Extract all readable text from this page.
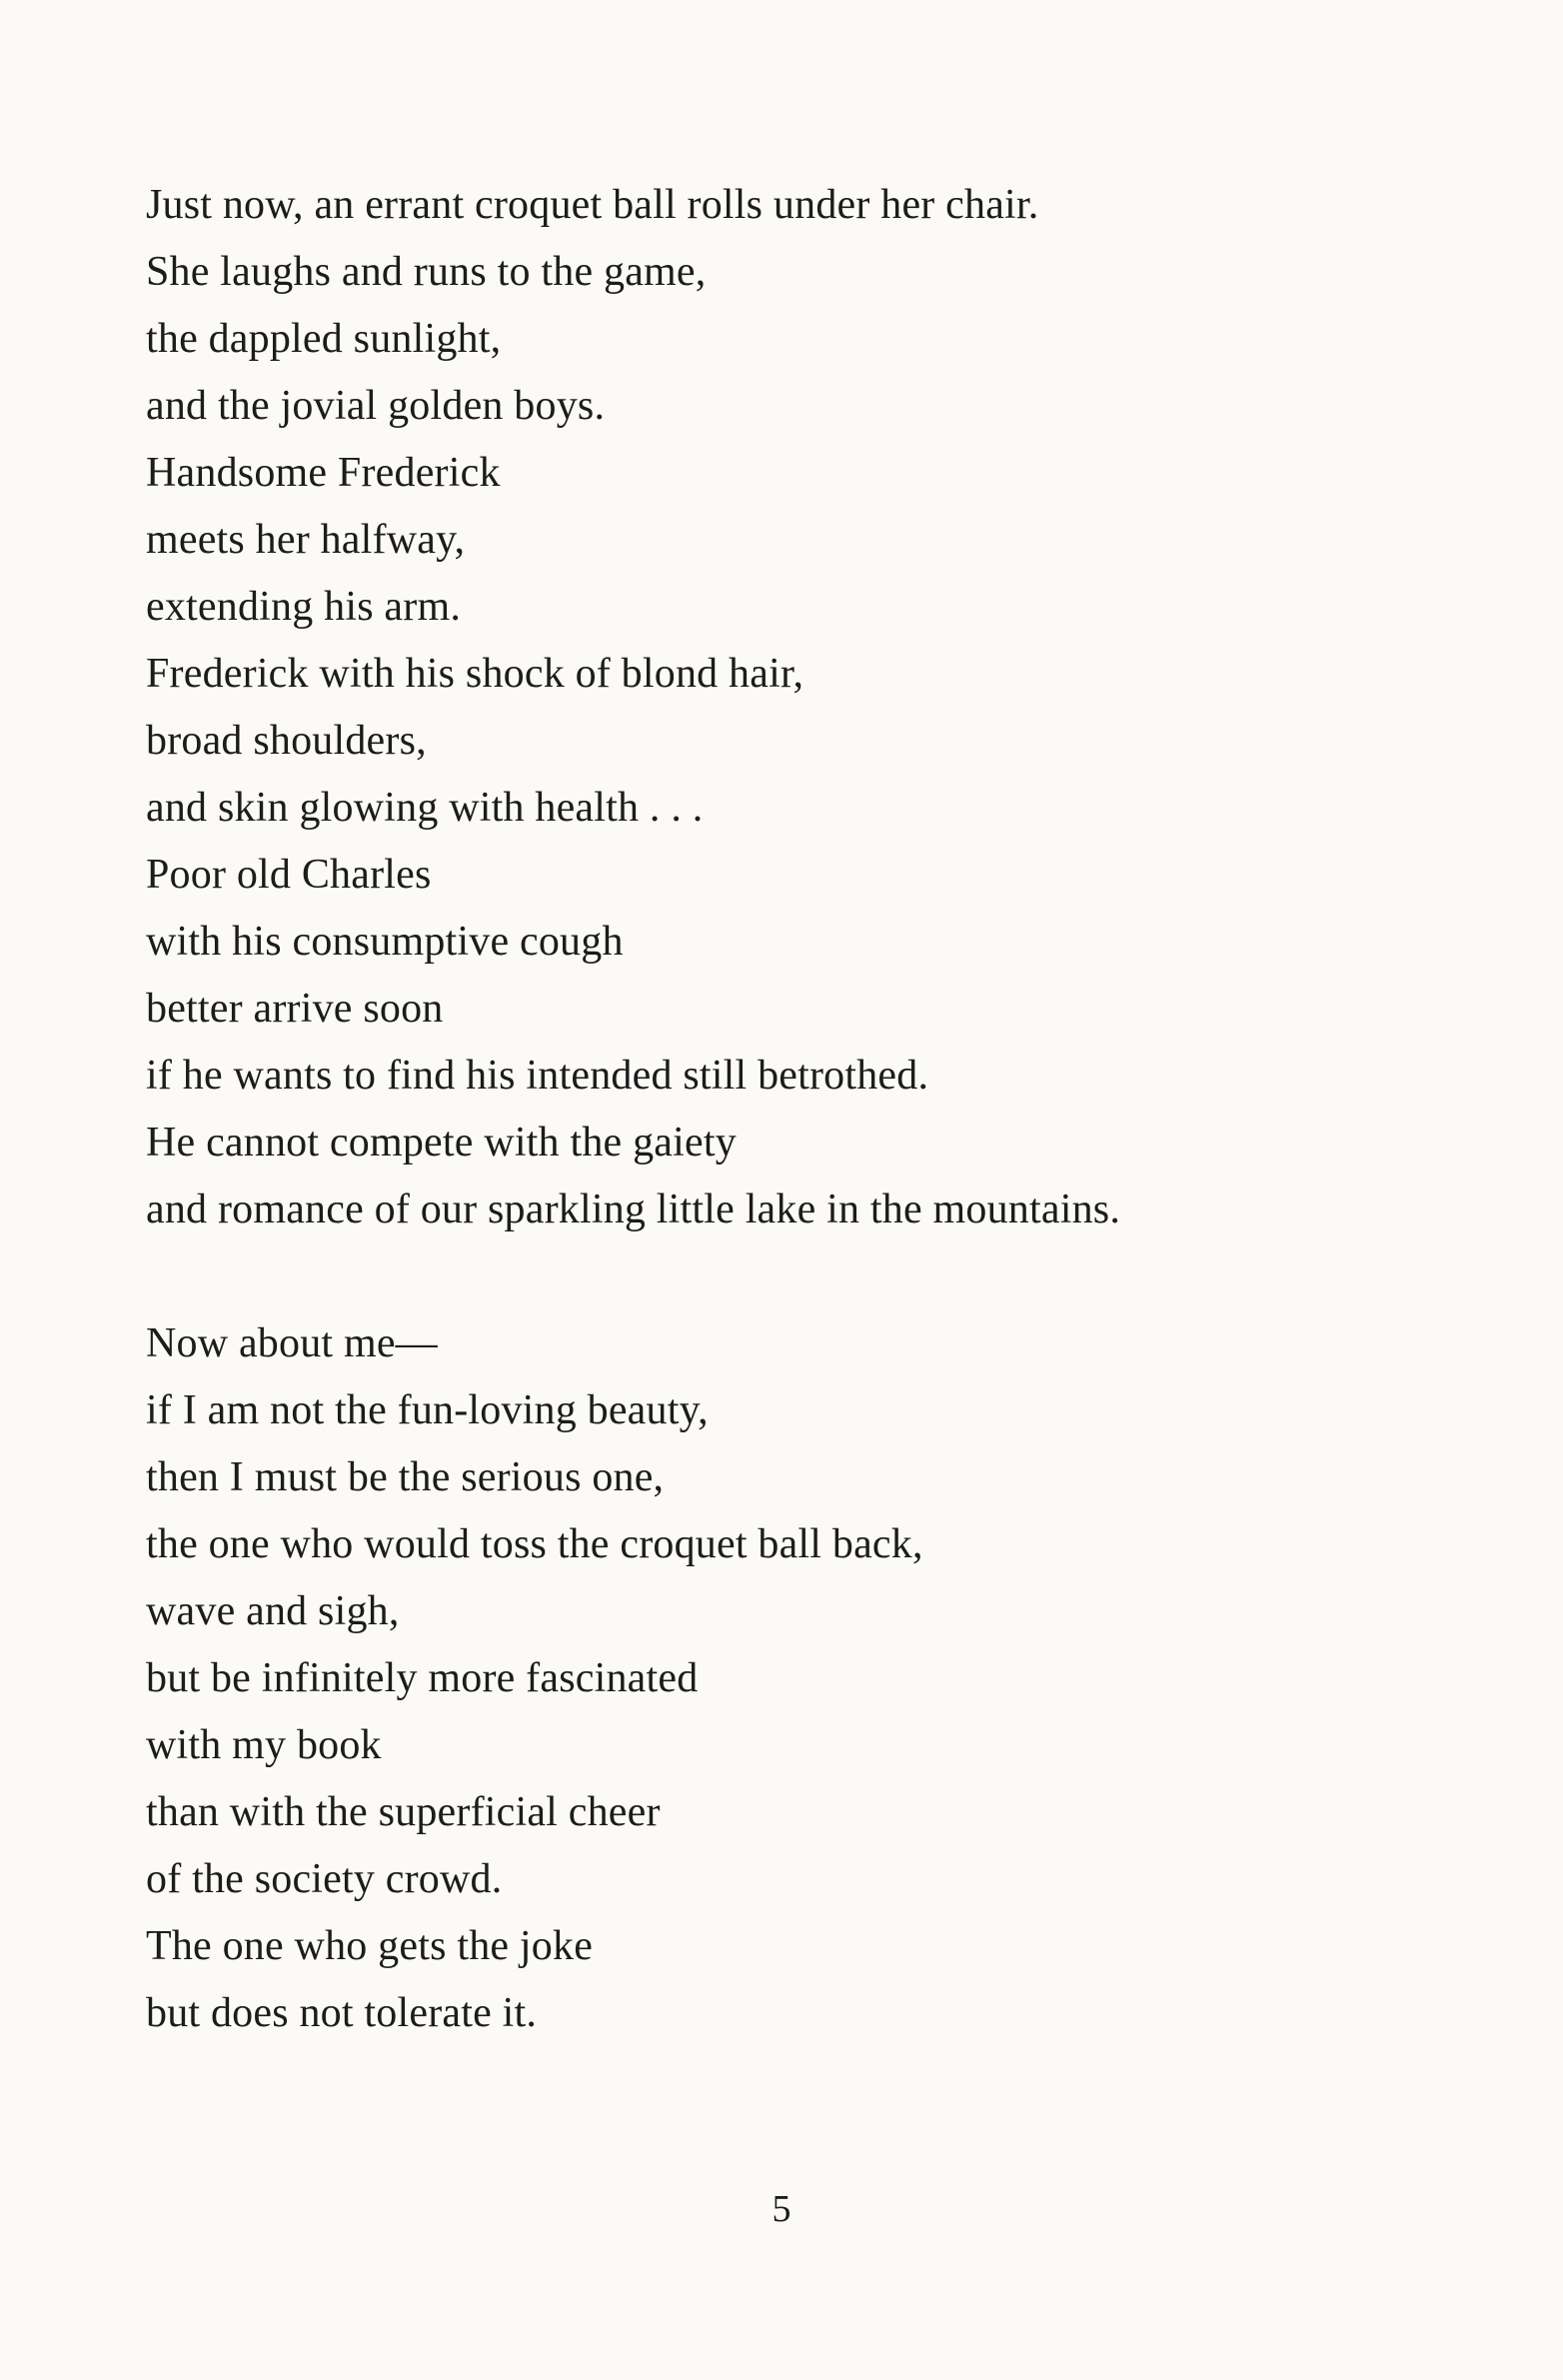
Just now, an errant croquet ball rolls under her chair.
She laughs and runs to the game,
the dappled sunlight,
and the jovial golden boys.
Handsome Frederick
meets her halfway,
extending his arm.
Frederick with his shock of blond hair,
broad shoulders,
and skin glowing with health . . .
Poor old Charles
with his consumptive cough
better arrive soon
if he wants to find his intended still betrothed.
He cannot compete with the gaiety
and romance of our sparkling little lake in the mountains.
Now about me—
if I am not the fun-loving beauty,
then I must be the serious one,
the one who would toss the croquet ball back,
wave and sigh,
but be infinitely more fascinated
with my book
than with the superficial cheer
of the society crowd.
The one who gets the joke
but does not tolerate it.
5
